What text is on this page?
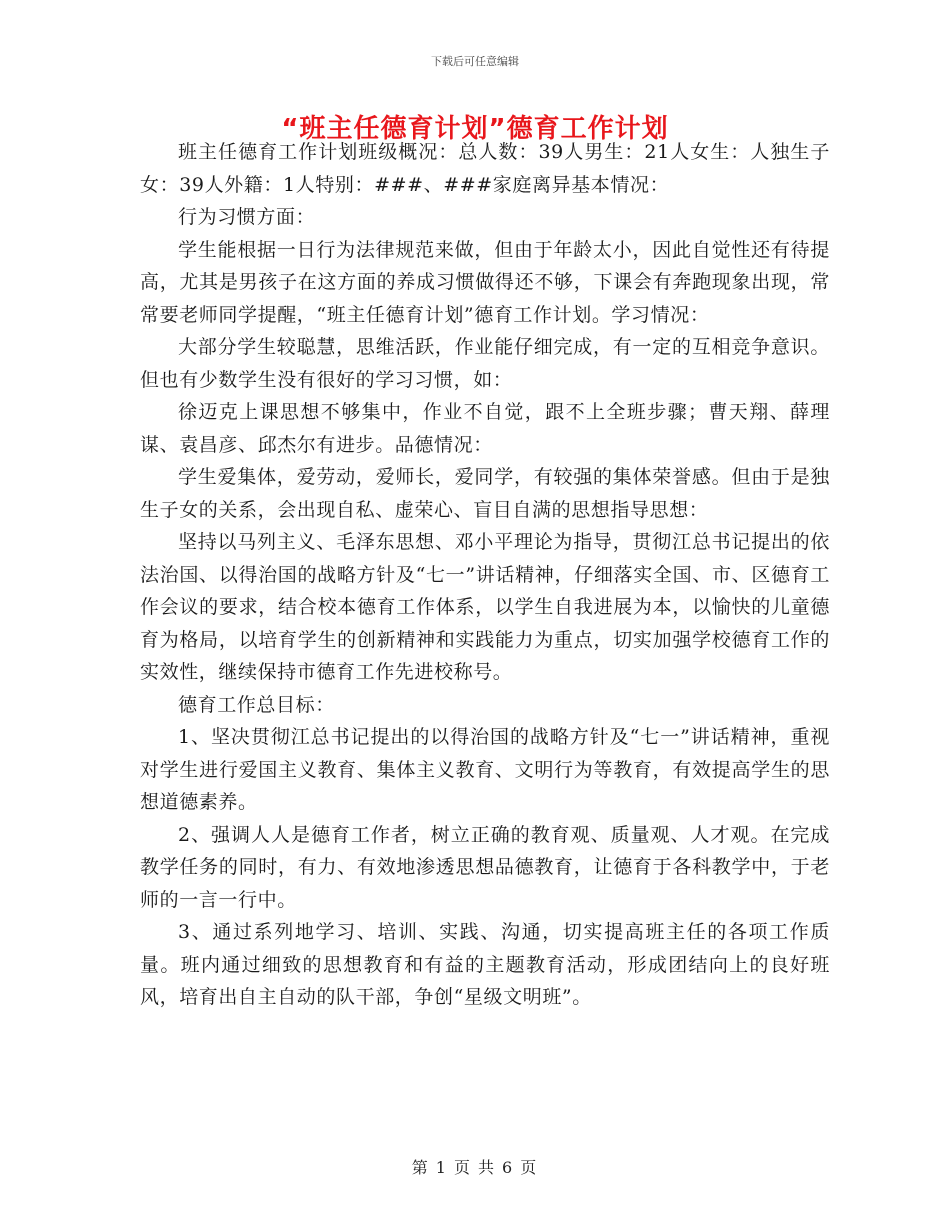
下载后可任意编辑
“班主任德育计划”德育工作计划

班主任德育工作计划班级概况：总人数：39人男生：21人女生：人独生子女：39人外籍：1人特别：###、###家庭离异基本情况：

行为习惯方面：

学生能根据一日行为法律规范来做，但由于年龄太小，因此自觉性还有待提高，尤其是男孩子在这方面的养成习惯做得还不够，下课会有奔跑现象出现，常常要老师同学提醒，“班主任德育计划”德育工作计划。学习情况：

大部分学生较聪慧，思维活跃，作业能仔细完成，有一定的互相竞争意识。但也有少数学生没有很好的学习习惯，如：

徐迈克上课思想不够集中，作业不自觉，跟不上全班步骤；曹天翔、薛理谋、袁昌彦、邱杰尔有进步。品德情况：

学生爱集体，爱劳动，爱师长，爱同学，有较强的集体荣誉感。但由于是独生子女的关系，会出现自私、虚荣心、盲目自满的思想指导思想：

坚持以马列主义、毛泽东思想、邓小平理论为指导，贯彻江总书记提出的依法治国、以得治国的战略方针及“七一”讲话精神，仔细落实全国、市、区德育工作会议的要求，结合校本德育工作体系，以学生自我进展为本，以愉快的儿童德育为格局，以培育学生的创新精神和实践能力为重点，切实加强学校德育工作的实效性，继续保持市德育工作先进校称号。

德育工作总目标：

1、坚决贯彻江总书记提出的以得治国的战略方针及“七一”讲话精神，重视对学生进行爱国主义教育、集体主义教育、文明行为等教育，有效提高学生的思想道德素养。

2、强调人人是德育工作者，树立正确的教育观、质量观、人才观。在完成教学任务的同时，有力、有效地渗透思想品德教育，让德育于各科教学中，于老师的一言一行中。

3、通过系列地学习、培训、实践、沟通，切实提高班主任的各项工作质量。班内通过细致的思想教育和有益的主题教育活动，形成团结向上的良好班风，培育出自主自动的队干部，争创“星级文明班”。

第 1 页 共 6 页
